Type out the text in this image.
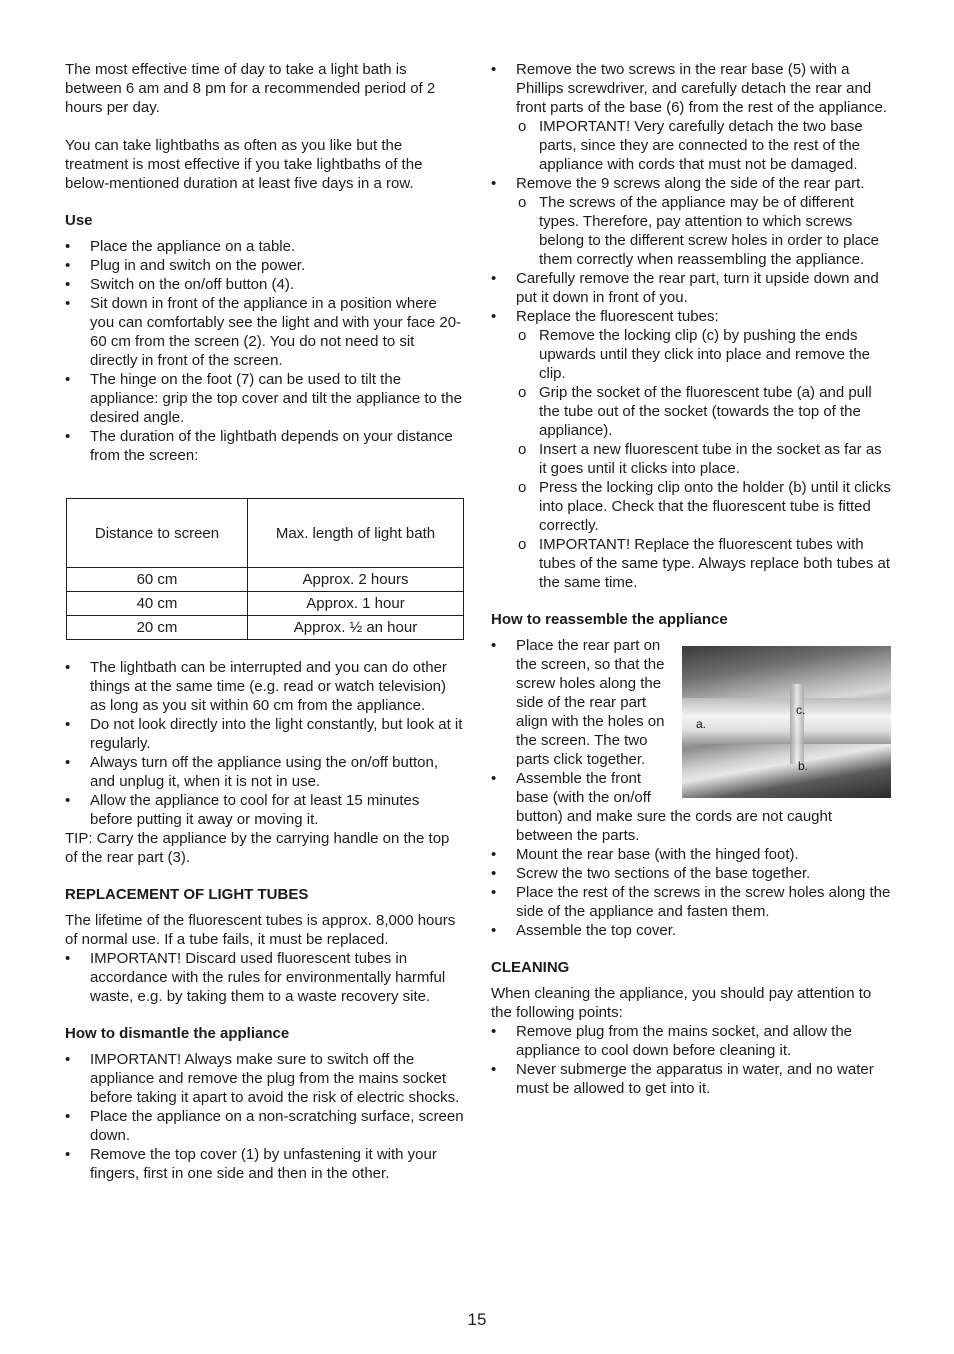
The most effective time of day to take a light bath is between 6 am and 8 pm for a recommended period of 2 hours per day.

You can take lightbaths as often as you like but the treatment is most effective if you take lightbaths of the below-mentioned duration at least five days in a row.

Use

• Place the appliance on a table.
• Plug in and switch on the power.
• Switch on the on/off button (4).
• Sit down in front of the appliance in a position where you can comfortably see the light and with your face 20-60 cm from the screen (2). You do not need to sit directly in front of the screen.
• The hinge on the foot (7) can be used to tilt the appliance: grip the top cover and tilt the appliance to the desired angle.
• The duration of the lightbath depends on your distance from the screen:
Distance to screen	Max. length of light bath
60 cm	Approx. 2 hours
40 cm	Approx. 1 hour
20 cm	Approx. ½ an hour
• The lightbath can be interrupted and you can do other things at the same time (e.g. read or watch television) as long as you sit within 60 cm from the appliance.
• Do not look directly into the light constantly, but look at it regularly.
• Always turn off the appliance using the on/off button, and unplug it, when it is not in use.
• Allow the appliance to cool for at least 15 minutes before putting it away or moving it.

TIP: Carry the appliance by the carrying handle on the top of the rear part (3).

REPLACEMENT OF LIGHT TUBES

The lifetime of the fluorescent tubes is approx. 8,000 hours of normal use. If a tube fails, it must be replaced.

• IMPORTANT! Discard used fluorescent tubes in accordance with the rules for environmentally harmful waste, e.g. by taking them to a waste recovery site.

How to dismantle the appliance

• IMPORTANT! Always make sure to switch off the appliance and remove the plug from the mains socket before taking it apart to avoid the risk of electric shocks.
• Place the appliance on a non-scratching surface, screen down.
• Remove the top cover (1) by unfastening it with your fingers, first in one side and then in the other.
• Remove the two screws in the rear base (5) with a Phillips screwdriver, and carefully detach the rear and front parts of the base (6) from the rest of the appliance.
o IMPORTANT! Very carefully detach the two base parts, since they are connected to the rest of the appliance with cords that must not be damaged.
• Remove the 9 screws along the side of the rear part.
o The screws of the appliance may be of different types. Therefore, pay attention to which screws belong to the different screw holes in order to place them correctly when reassembling the appliance.
• Carefully remove the rear part, turn it upside down and put it down in front of you.
• Replace the fluorescent tubes:
o Remove the locking clip (c) by pushing the ends upwards until they click into place and remove the clip.
o Grip the socket of the fluorescent tube (a) and pull the tube out of the socket (towards the top of the appliance).
o Insert a new fluorescent tube in the socket as far as it goes until it clicks into place.
o Press the locking clip onto the holder (b) until it clicks into place. Check that the fluorescent tube is fitted correctly.
o IMPORTANT! Replace the fluorescent tubes with tubes of the same type. Always replace both tubes at the same time.

How to reassemble the appliance

a.
c.
b.
• Place the rear part on the screen, so that the screw holes along the side of the rear part align with the holes on the screen. The two parts click together.
• Assemble the front base (with the on/off button) and make sure the cords are not caught between the parts.
• Mount the rear base (with the hinged foot).
• Screw the two sections of the base together.
• Place the rest of the screws in the screw holes along the side of the appliance and fasten them.
• Assemble the top cover.

CLEANING

When cleaning the appliance, you should pay attention to the following points:

• Remove plug from the mains socket, and allow the appliance to cool down before cleaning it.
• Never submerge the apparatus in water, and no water must be allowed to get into it.
15
